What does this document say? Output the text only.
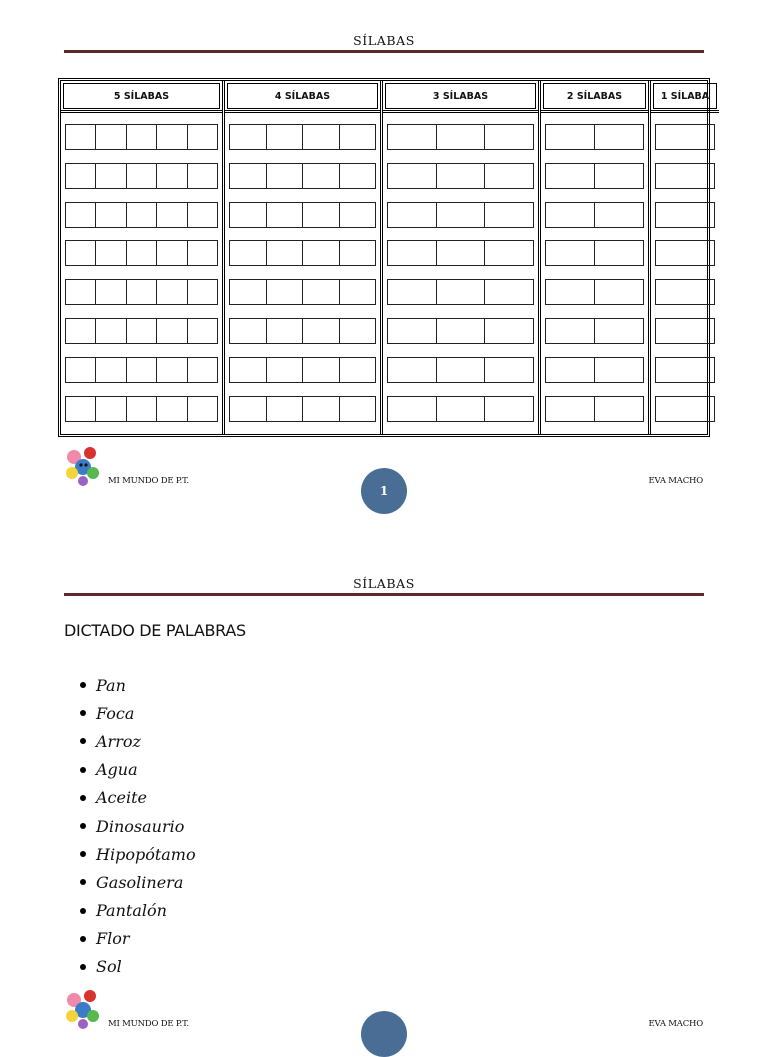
SÍLABAS
5 SÍLABAS	4 SÍLABAS	3 SÍLABAS	2 SÍLABAS	1 SÍLABA
MI MUNDO DE P.T.	EVA MACHO
1
SÍLABAS
DICTADO DE PALABRAS
Pan
Foca
Arroz
Agua
Aceite
Dinosaurio
Hipopótamo
Gasolinera
Pantalón
Flor
Sol
MI MUNDO DE P.T.	EVA MACHO
